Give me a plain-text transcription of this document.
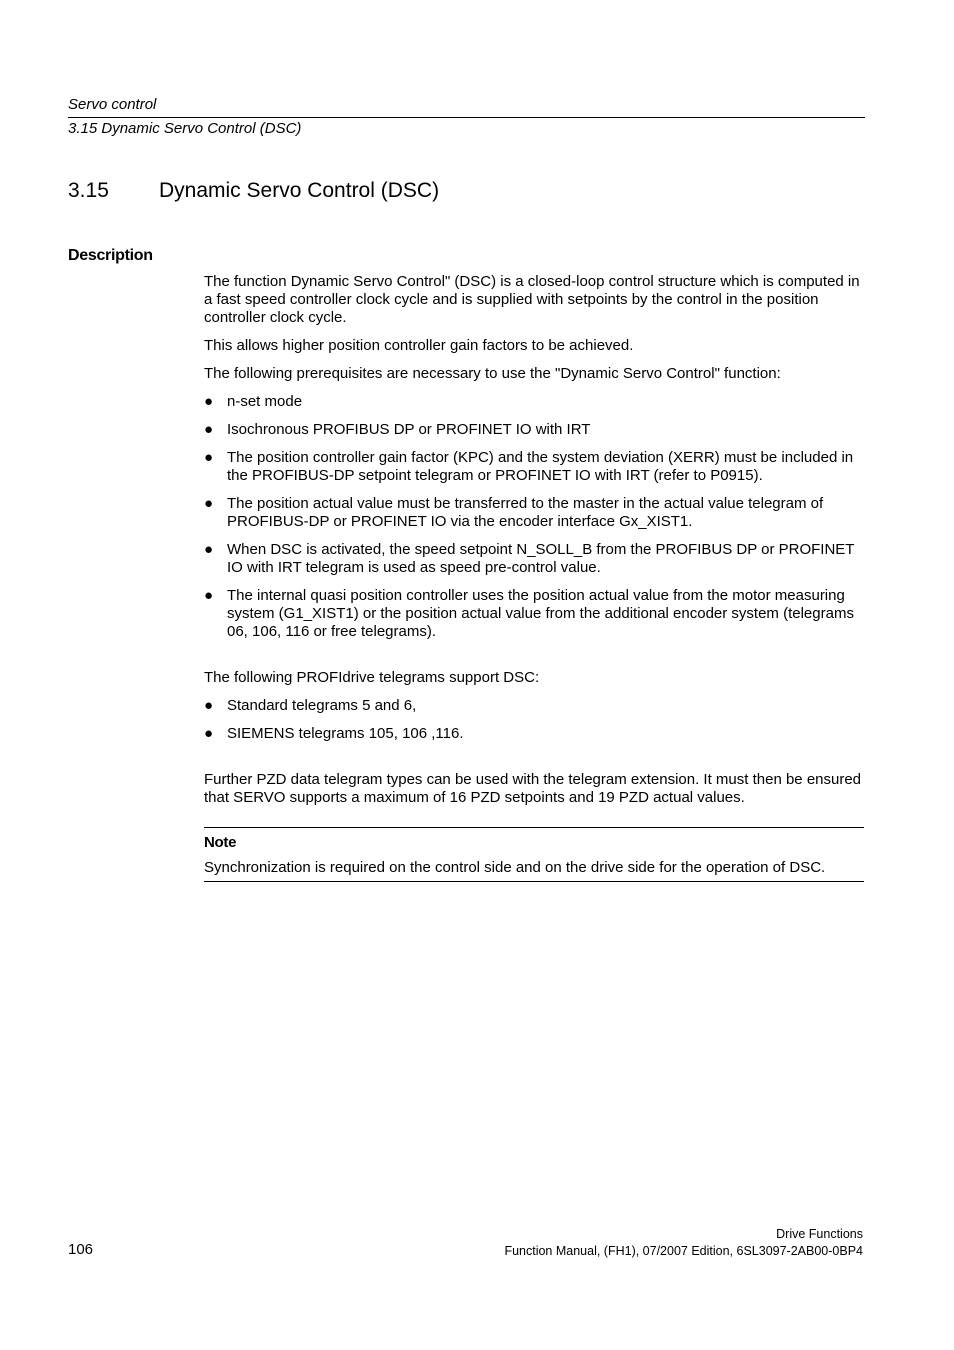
Servo control
3.15 Dynamic Servo Control (DSC)
3.15 Dynamic Servo Control (DSC)
Description

The function Dynamic Servo Control" (DSC) is a closed-loop control structure which is computed in a fast speed controller clock cycle and is supplied with setpoints by the control in the position controller clock cycle.

This allows higher position controller gain factors to be achieved.

The following prerequisites are necessary to use the "Dynamic Servo Control" function:

● n-set mode
● Isochronous PROFIBUS DP or PROFINET IO with IRT
● The position controller gain factor (KPC) and the system deviation (XERR) must be included in the PROFIBUS-DP setpoint telegram or PROFINET IO with IRT (refer to P0915).
● The position actual value must be transferred to the master in the actual value telegram of PROFIBUS-DP or PROFINET IO via the encoder interface Gx_XIST1.
● When DSC is activated, the speed setpoint N_SOLL_B from the PROFIBUS DP or PROFINET IO with IRT telegram is used as speed pre-control value.
● The internal quasi position controller uses the position actual value from the motor measuring system (G1_XIST1) or the position actual value from the additional encoder system (telegrams 06, 106, 116 or free telegrams).

The following PROFIdrive telegrams support DSC:

● Standard telegrams 5 and 6,
● SIEMENS telegrams 105, 106 ,116.

Further PZD data telegram types can be used with the telegram extension. It must then be ensured that SERVO supports a maximum of 16 PZD setpoints and 19 PZD actual values.

Note

Synchronization is required on the control side and on the drive side for the operation of DSC.

106
Drive Functions
Function Manual, (FH1), 07/2007 Edition, 6SL3097-2AB00-0BP4
